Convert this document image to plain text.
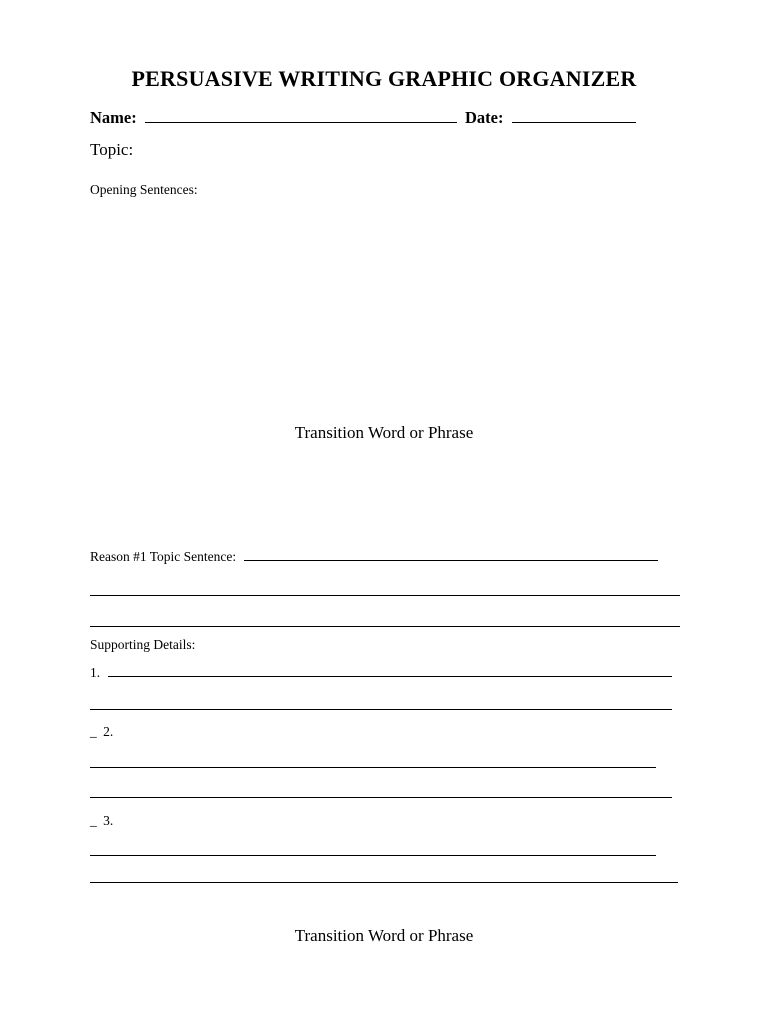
PERSUASIVE WRITING GRAPHIC ORGANIZER
Name:	Date:
Topic:
Opening Sentences:
Transition Word or Phrase
Reason #1 Topic Sentence:
Supporting Details:
1.
_ 2.
_ 3.
Transition Word or Phrase
